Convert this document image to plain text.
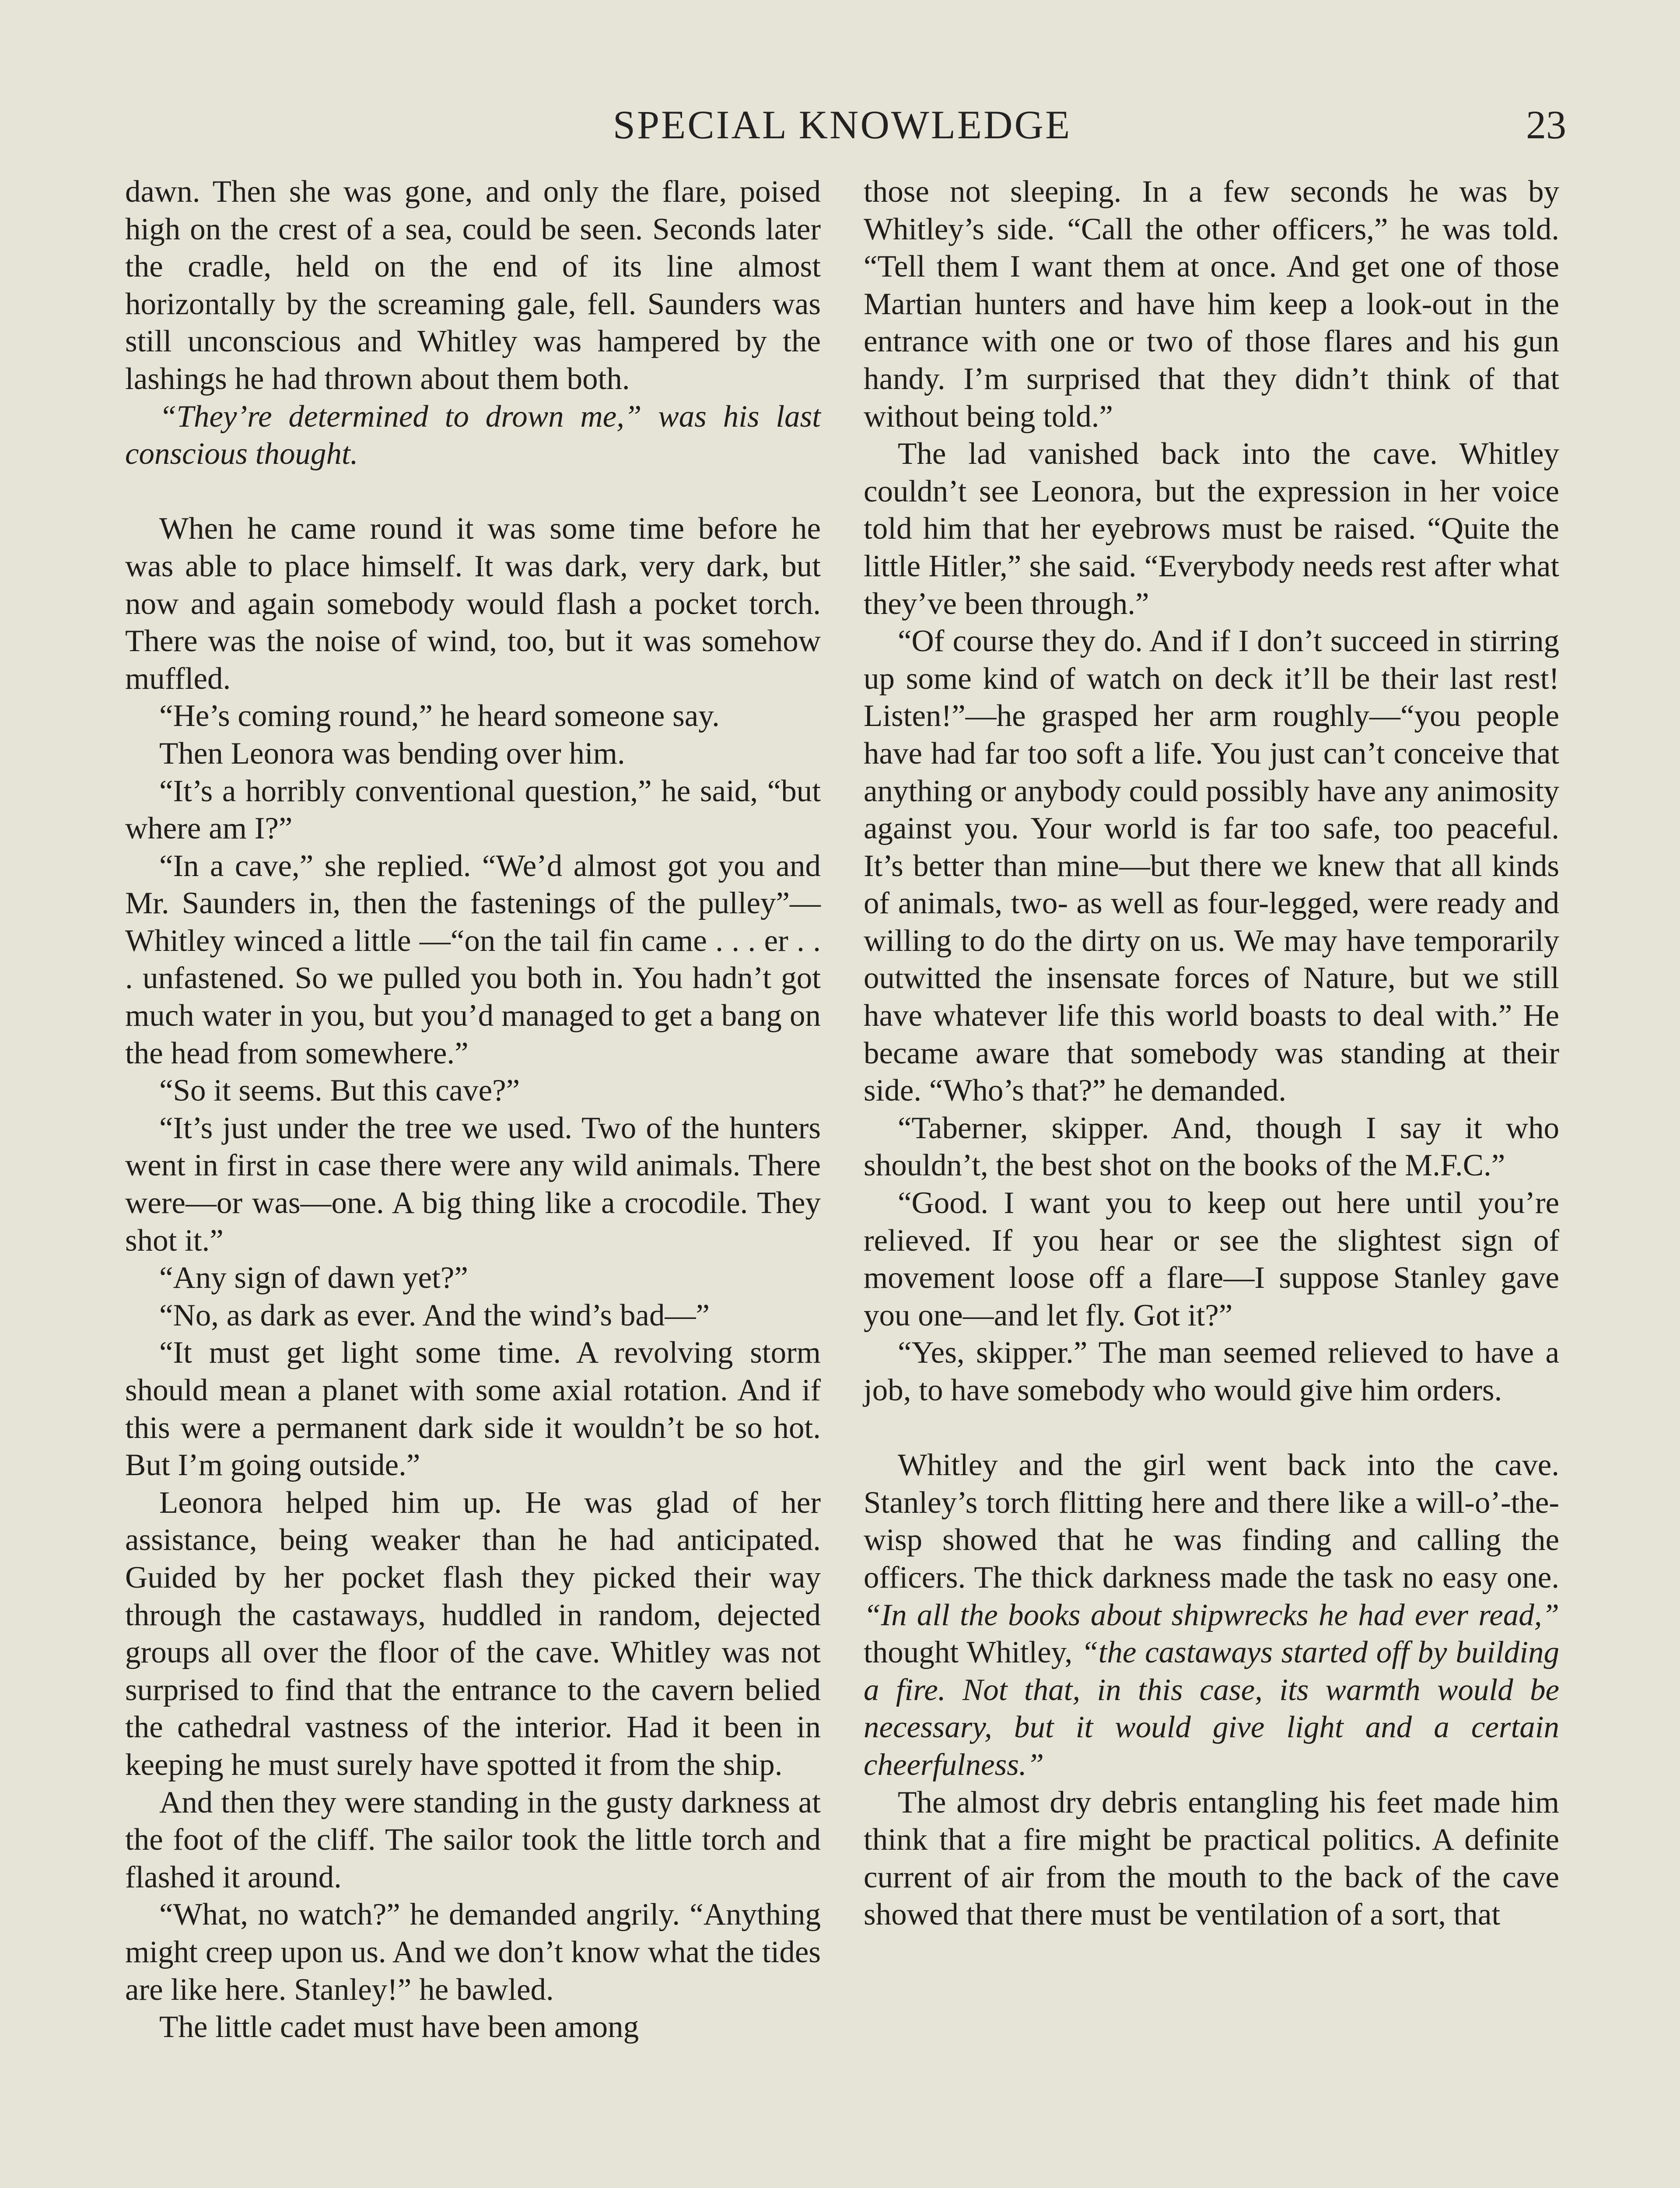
SPECIAL KNOWLEDGE	23

dawn. Then she was gone, and only the flare, poised high on the crest of a sea, could be seen. Seconds later the cradle, held on the end of its line almost horizontally by the screaming gale, fell. Saunders was still unconscious and Whitley was hampered by the lashings he had thrown about them both.

“They’re determined to drown me,” was his last conscious thought.

When he came round it was some time before he was able to place himself. It was dark, very dark, but now and again somebody would flash a pocket torch. There was the noise of wind, too, but it was somehow muffled.

“He’s coming round,” he heard someone say.

Then Leonora was bending over him.

“It’s a horribly conventional question,” he said, “but where am I?”

“In a cave,” she replied. “We’d almost got you and Mr. Saunders in, then the fastenings of the pulley”—Whitley winced a little —“on the tail fin came . . . er . . . unfastened. So we pulled you both in. You hadn’t got much water in you, but you’d managed to get a bang on the head from somewhere.”

“So it seems. But this cave?”

“It’s just under the tree we used. Two of the hunters went in first in case there were any wild animals. There were—or was—one. A big thing like a crocodile. They shot it.”

“Any sign of dawn yet?”

“No, as dark as ever. And the wind’s bad—”

“It must get light some time. A revolving storm should mean a planet with some axial rotation. And if this were a permanent dark side it wouldn’t be so hot. But I’m going outside.”

Leonora helped him up. He was glad of her assistance, being weaker than he had anticipated. Guided by her pocket flash they picked their way through the castaways, huddled in random, dejected groups all over the floor of the cave. Whitley was not surprised to find that the entrance to the cavern belied the cathedral vastness of the interior. Had it been in keeping he must surely have spotted it from the ship.

And then they were standing in the gusty darkness at the foot of the cliff. The sailor took the little torch and flashed it around.

“What, no watch?” he demanded angrily. “Anything might creep upon us. And we don’t know what the tides are like here. Stanley!” he bawled.

The little cadet must have been among

those not sleeping. In a few seconds he was by Whitley’s side. “Call the other officers,” he was told. “Tell them I want them at once. And get one of those Martian hunters and have him keep a look-out in the entrance with one or two of those flares and his gun handy. I’m surprised that they didn’t think of that without being told.”

The lad vanished back into the cave. Whitley couldn’t see Leonora, but the expression in her voice told him that her eyebrows must be raised. “Quite the little Hitler,” she said. “Everybody needs rest after what they’ve been through.”

“Of course they do. And if I don’t succeed in stirring up some kind of watch on deck it’ll be their last rest! Listen!”—he grasped her arm roughly—“you people have had far too soft a life. You just can’t conceive that anything or anybody could possibly have any animosity against you. Your world is far too safe, too peaceful. It’s better than mine—but there we knew that all kinds of animals, two- as well as four-legged, were ready and willing to do the dirty on us. We may have temporarily outwitted the insensate forces of Nature, but we still have whatever life this world boasts to deal with.” He became aware that somebody was standing at their side. “Who’s that?” he demanded.

“Taberner, skipper. And, though I say it who shouldn’t, the best shot on the books of the M.F.C.”

“Good. I want you to keep out here until you’re relieved. If you hear or see the slightest sign of movement loose off a flare—I suppose Stanley gave you one—and let fly. Got it?”

“Yes, skipper.” The man seemed relieved to have a job, to have somebody who would give him orders.

Whitley and the girl went back into the cave. Stanley’s torch flitting here and there like a will-o’-the-wisp showed that he was finding and calling the officers. The thick darkness made the task no easy one. “In all the books about shipwrecks he had ever read,” thought Whitley, “the castaways started off by building a fire. Not that, in this case, its warmth would be necessary, but it would give light and a certain cheerfulness.”

The almost dry debris entangling his feet made him think that a fire might be practical politics. A definite current of air from the mouth to the back of the cave showed that there must be ventilation of a sort, that
